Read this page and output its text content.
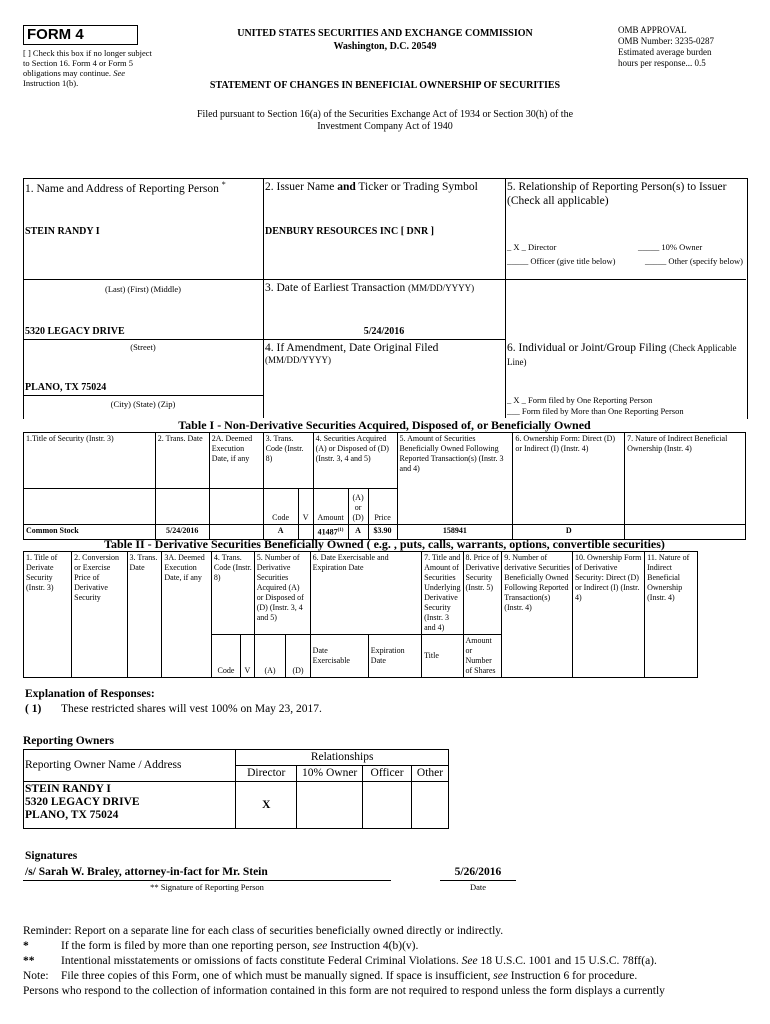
FORM 4
[ ] Check this box if no longer subject to Section 16. Form 4 or Form 5 obligations may continue. See Instruction 1(b).
UNITED STATES SECURITIES AND EXCHANGE COMMISSION
Washington, D.C. 20549
STATEMENT OF CHANGES IN BENEFICIAL OWNERSHIP OF SECURITIES
OMB APPROVAL
OMB Number: 3235-0287
Estimated average burden
hours per response... 0.5
Filed pursuant to Section 16(a) of the Securities Exchange Act of 1934 or Section 30(h) of the
Investment Company Act of 1940
1. Name and Address of Reporting Person *
STEIN RANDY I
(Last) (First) (Middle)
5320 LEGACY DRIVE
(Street)
PLANO, TX 75024
(City) (State) (Zip)
2. Issuer Name and Ticker or Trading Symbol
DENBURY RESOURCES INC [ DNR ]
3. Date of Earliest Transaction (MM/DD/YYYY)
5/24/2016
4. If Amendment, Date Original Filed
(MM/DD/YYYY)
5. Relationship of Reporting Person(s) to Issuer
(Check all applicable)
_ X _ Director	_____ 10% Owner
_____ Officer (give title below)	_____ Other (specify below)
6. Individual or Joint/Group Filing (Check Applicable Line)
_ X _ Form filed by One Reporting Person
___ Form filed by More than One Reporting Person
Table I - Non-Derivative Securities Acquired, Disposed of, or Beneficially Owned
1.Title of Security (Instr. 3)	2. Trans. Date	2A. Deemed Execution Date, if any	3. Trans. Code (Instr. 8)		4. Securities Acquired (A) or Disposed of (D) (Instr. 3, 4 and 5)			5. Amount of Securities Beneficially Owned Following Reported Transaction(s) (Instr. 3 and 4)	6. Ownership Form: Direct (D) or Indirect (I) (Instr. 4)	7. Nature of Indirect Beneficial Ownership (Instr. 4)
			Code	V	Amount	(A) or (D)	Price			
Common Stock	5/24/2016		A		41487$^{(1)}$	A	$3.90	158941	D	
Table II - Derivative Securities Beneficially Owned ( e.g. , puts, calls, warrants, options, convertible securities)
1. Title of Derivate Security (Instr. 3)	2. Conversion or Exercise Price of Derivative Security	3. Trans. Date	3A. Deemed Execution Date, if any	4. Trans. Code (Instr. 8)		5. Number of Derivative Securities Acquired (A) or Disposed of (D) (Instr. 3, 4 and 5)		6. Date Exercisable and Expiration Date		7. Title and Amount of Securities Underlying Derivative Security (Instr. 3 and 4)	8. Price of Derivative Security (Instr. 5)	9. Number of derivative Securities Beneficially Owned Following Reported Transaction(s) (Instr. 4)	10. Ownership Form of Derivative Security: Direct (D) or Indirect (I) (Instr. 4)	11. Nature of Indirect Beneficial Ownership (Instr. 4)
				Code	V	(A)	(D)	Date Exercisable	Expiration Date	Title	Amount or Number of Shares			
Explanation of Responses:
( 1) These restricted shares will vest 100% on May 23, 2017.
Reporting Owners
Reporting Owner Name / Address	Relationships			
	Director	10% Owner	Officer	Other

STEIN RANDY I
5320 LEGACY DRIVE
PLANO, TX 75024	X			
Signatures
/s/ Sarah W. Braley, attorney-in-fact for Mr. Stein
** Signature of Reporting Person
5/26/2016
Date
Reminder: Report on a separate line for each class of securities beneficially owned directly or indirectly.
*	If the form is filed by more than one reporting person, see Instruction 4(b)(v).
** Intentional misstatements or omissions of facts constitute Federal Criminal Violations. See 18 U.S.C. 1001 and 15 U.S.C. 78ff(a).
Note: File three copies of this Form, one of which must be manually signed. If space is insufficient, see Instruction 6 for procedure.
Persons who respond to the collection of information contained in this form are not required to respond unless the form displays a currently
